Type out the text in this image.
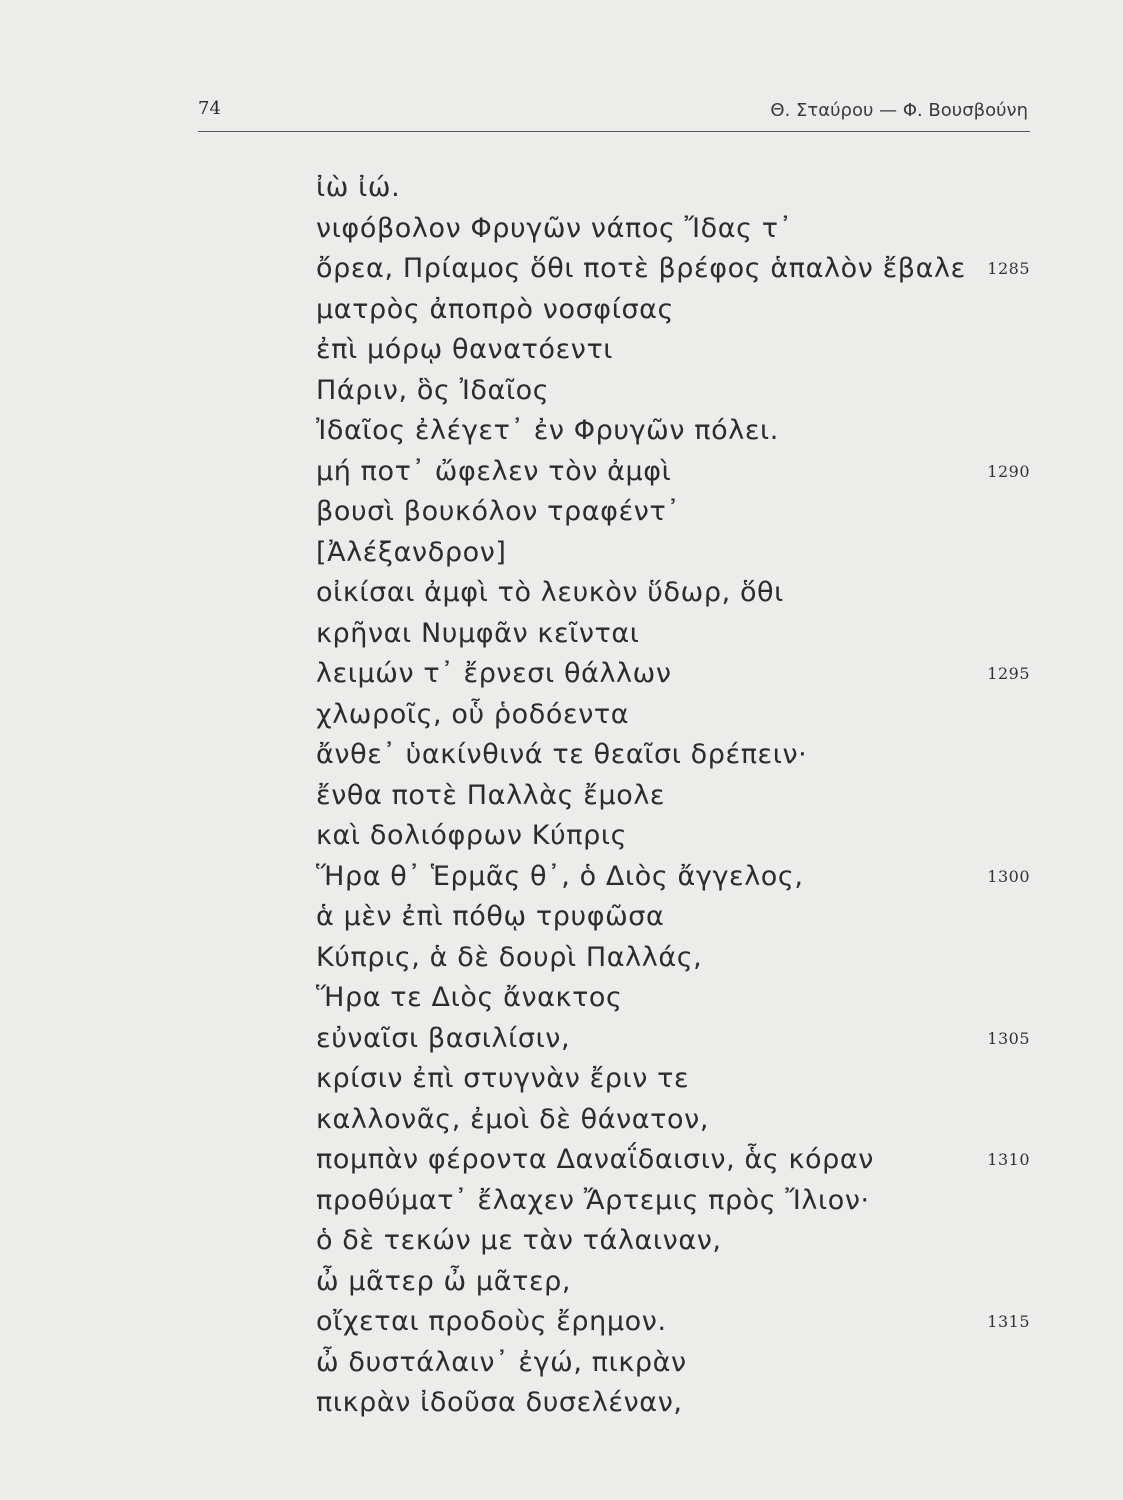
74	Θ. Σταύρου — Φ. Βουσβούνη
ἰὼ ἰώ.
νιφόβολον Φρυγῶν νάπος Ἴδας τ᾽
ὄρεα, Πρίαμος ὅθι ποτὲ βρέφος ἁπαλὸν ἔβαλε 1285
ματρὸς ἀποπρὸ νοσφίσας
ἐπὶ μόρῳ θανατόεντι
Πάριν, ὃς Ἰδαῖος
Ἰδαῖος ἐλέγετ᾽ ἐν Φρυγῶν πόλει.
μή ποτ᾽ ὤφελεν τὸν ἀμφὶ	1290
βουσὶ βουκόλον τραφέντ᾽
[Ἀλέξανδρον]
οἰκίσαι ἀμφὶ τὸ λευκὸν ὕδωρ, ὅθι
κρῆναι Νυμφᾶν κεῖνται
λειμών τ᾽ ἔρνεσι θάλλων	1295
χλωροῖς, οὗ ῥοδόεντα
ἄνθε᾽ ὑακίνθινά τε θεαῖσι δρέπειν·
ἔνθα ποτὲ Παλλὰς ἔμολε
καὶ δολιόφρων Κύπρις
Ἥρα θ᾽ Ἑρμᾶς θ᾽, ὁ Διὸς ἄγγελος,	1300
ἁ μὲν ἐπὶ πόθῳ τρυφῶσα
Κύπρις, ἁ δὲ δουρὶ Παλλάς,
Ἥρα τε Διὸς ἄνακτος
εὐναῖσι βασιλίσιν,	1305
κρίσιν ἐπὶ στυγνὰν ἔριν τε
καλλονᾶς, ἐμοὶ δὲ θάνατον,
πομπὰν φέροντα Δαναΐδαισιν, ἇς κόραν	1310
προθύματ᾽ ἔλαχεν Ἄρτεμις πρὸς Ἴλιον·
ὁ δὲ τεκών με τὰν τάλαιναν,
ὦ μᾶτερ ὦ μᾶτερ,
οἴχεται προδοὺς ἔρημον.	1315
ὦ δυστάλαιν᾽ ἐγώ, πικρὰν
πικρὰν ἰδοῦσα δυσελέναν,
